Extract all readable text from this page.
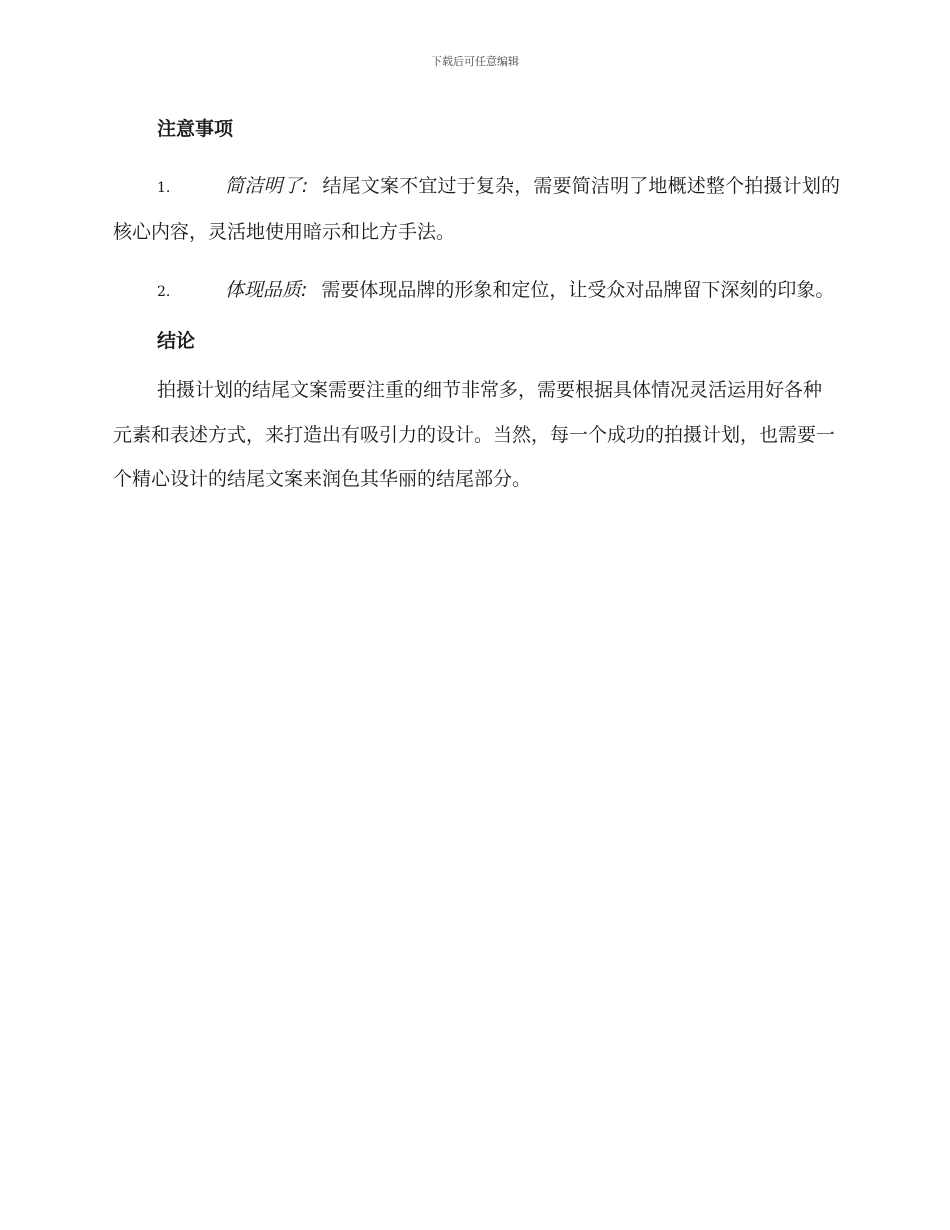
下载后可任意编辑
注意事项

1.	简洁明了: 结尾文案不宜过于复杂，需要简洁明了地概述整个拍摄计划的核心内容，灵活地使用暗示和比方手法。

2.	体现品质: 需要体现品牌的形象和定位，让受众对品牌留下深刻的印象。

结论

拍摄计划的结尾文案需要注重的细节非常多，需要根据具体情况灵活运用好各种元素和表述方式，来打造出有吸引力的设计。当然，每一个成功的拍摄计划，也需要一个精心设计的结尾文案来润色其华丽的结尾部分。
